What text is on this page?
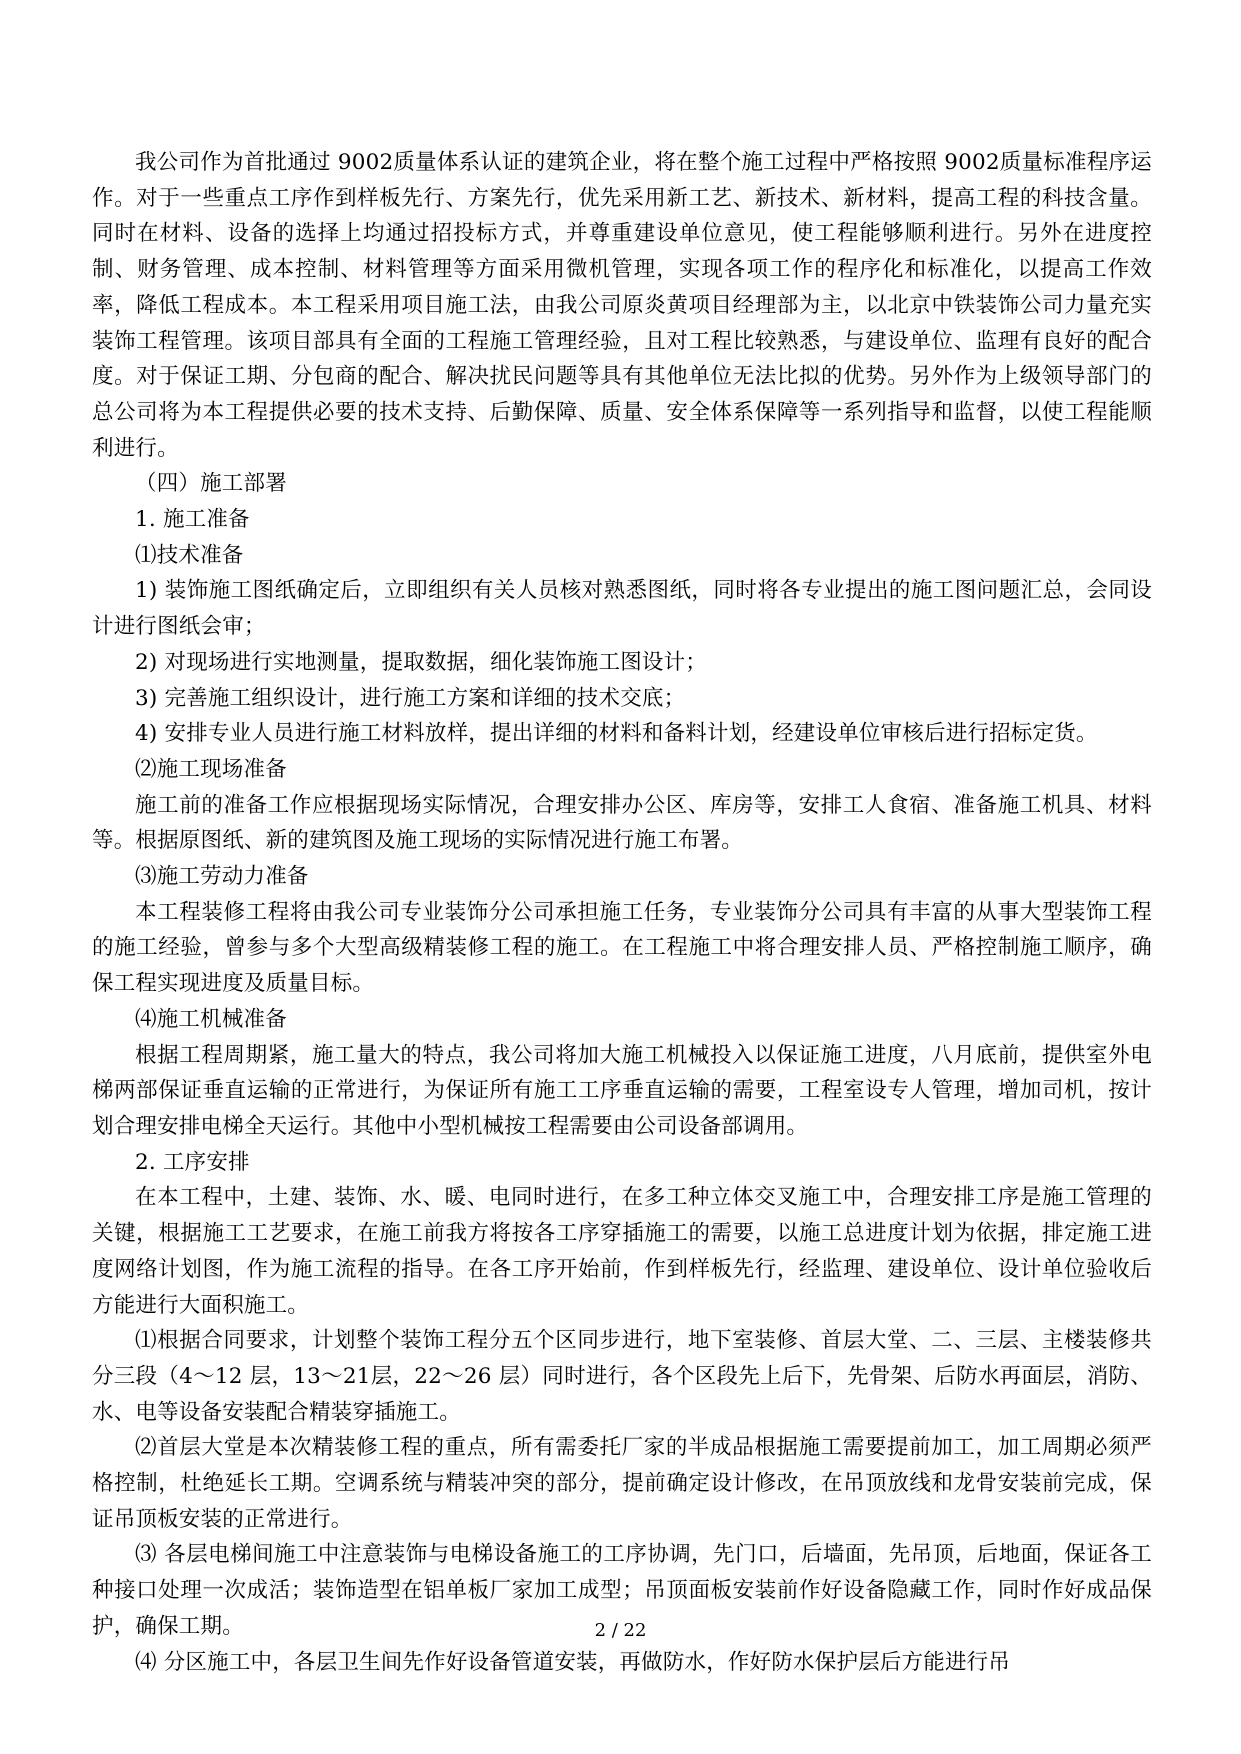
我公司作为首批通过 9002质量体系认证的建筑企业，将在整个施工过程中严格按照 9002质量标准程序运作。对于一些重点工序作到样板先行、方案先行，优先采用新工艺、新技术、新材料，提高工程的科技含量。同时在材料、设备的选择上均通过招投标方式，并尊重建设单位意见，使工程能够顺利进行。另外在进度控制、财务管理、成本控制、材料管理等方面采用微机管理，实现各项工作的程序化和标准化，以提高工作效率，降低工程成本。本工程采用项目施工法，由我公司原炎黄项目经理部为主，以北京中铁装饰公司力量充实装饰工程管理。该项目部具有全面的工程施工管理经验，且对工程比较熟悉，与建设单位、监理有良好的配合度。对于保证工期、分包商的配合、解决扰民问题等具有其他单位无法比拟的优势。另外作为上级领导部门的总公司将为本工程提供必要的技术支持、后勤保障、质量、安全体系保障等一系列指导和监督，以使工程能顺利进行。

（四）施工部署

1. 施工准备

⑴技术准备

1) 装饰施工图纸确定后，立即组织有关人员核对熟悉图纸，同时将各专业提出的施工图问题汇总，会同设计进行图纸会审；

2) 对现场进行实地测量，提取数据，细化装饰施工图设计；

3) 完善施工组织设计，进行施工方案和详细的技术交底；

4) 安排专业人员进行施工材料放样，提出详细的材料和备料计划，经建设单位审核后进行招标定货。

⑵施工现场准备

施工前的准备工作应根据现场实际情况，合理安排办公区、库房等，安排工人食宿、准备施工机具、材料等。根据原图纸、新的建筑图及施工现场的实际情况进行施工布署。

⑶施工劳动力准备

本工程装修工程将由我公司专业装饰分公司承担施工任务，专业装饰分公司具有丰富的从事大型装饰工程的施工经验，曾参与多个大型高级精装修工程的施工。在工程施工中将合理安排人员、严格控制施工顺序，确保工程实现进度及质量目标。

⑷施工机械准备

根据工程周期紧，施工量大的特点，我公司将加大施工机械投入以保证施工进度，八月底前，提供室外电梯两部保证垂直运输的正常进行，为保证所有施工工序垂直运输的需要，工程室设专人管理，增加司机，按计划合理安排电梯全天运行。其他中小型机械按工程需要由公司设备部调用。

2. 工序安排

在本工程中，土建、装饰、水、暖、电同时进行，在多工种立体交叉施工中，合理安排工序是施工管理的关键，根据施工工艺要求，在施工前我方将按各工序穿插施工的需要，以施工总进度计划为依据，排定施工进度网络计划图，作为施工流程的指导。在各工序开始前，作到样板先行，经监理、建设单位、设计单位验收后方能进行大面积施工。

⑴根据合同要求，计划整个装饰工程分五个区同步进行，地下室装修、首层大堂、二、三层、主楼装修共分三段（4～12 层，13～21层，22～26 层）同时进行，各个区段先上后下，先骨架、后防水再面层，消防、水、电等设备安装配合精装穿插施工。

⑵首层大堂是本次精装修工程的重点，所有需委托厂家的半成品根据施工需要提前加工，加工周期必须严格控制，杜绝延长工期。空调系统与精装冲突的部分，提前确定设计修改，在吊顶放线和龙骨安装前完成，保证吊顶板安装的正常进行。

⑶ 各层电梯间施工中注意装饰与电梯设备施工的工序协调，先门口，后墙面，先吊顶，后地面，保证各工种接口处理一次成活；装饰造型在铝单板厂家加工成型；吊顶面板安装前作好设备隐藏工作，同时作好成品保护，确保工期。

⑷ 分区施工中，各层卫生间先作好设备管道安装，再做防水，作好防水保护层后方能进行吊

2 / 22
